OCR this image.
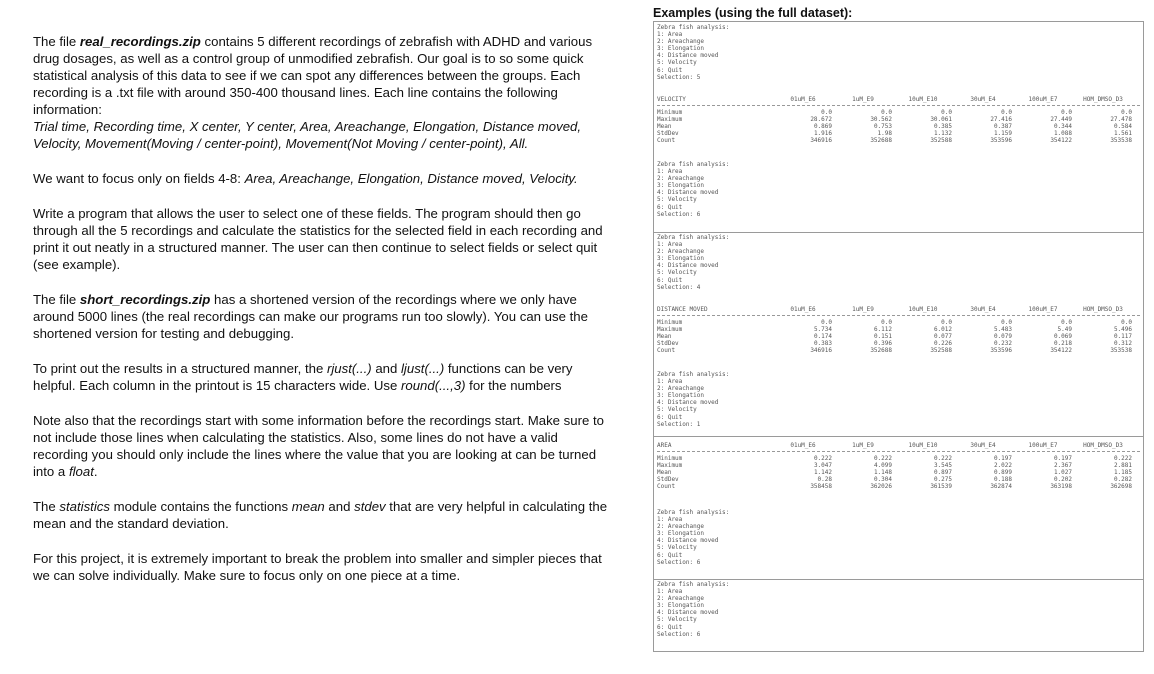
The file real_recordings.zip contains 5 different recordings of zebrafish with ADHD and various drug dosages, as well as a control group of unmodified zebrafish. Our goal is to so some quick statistical analysis of this data to see if we can spot any differences between the groups. Each recording is a .txt file with around 350-400 thousand lines. Each line contains the following information:
Trial time, Recording time, X center, Y center, Area, Areachange, Elongation, Distance moved, Velocity, Movement(Moving / center-point), Movement(Not Moving / center-point), All.

We want to focus only on fields 4-8: Area, Areachange, Elongation, Distance moved, Velocity.

Write a program that allows the user to select one of these fields. The program should then go through all the 5 recordings and calculate the statistics for the selected field in each recording and print it out neatly in a structured manner. The user can then continue to select fields or select quit (see example).

The file short_recordings.zip has a shortened version of the recordings where we only have around 5000 lines (the real recordings can make our programs run too slowly). You can use the shortened version for testing and debugging.

To print out the results in a structured manner, the rjust(...) and ljust(...) functions can be very helpful. Each column in the printout is 15 characters wide. Use round(...,3) for the numbers

Note also that the recordings start with some information before the recordings start. Make sure to not include those lines when calculating the statistics. Also, some lines do not have a valid recording you should only include the lines where the value that you are looking at can be turned into a float.

The statistics module contains the functions mean and stdev that are very helpful in calculating the mean and the standard deviation.

For this project, it is extremely important to break the problem into smaller and simpler pieces that we can solve individually. Make sure to focus only on one piece at a time.

Examples (using the full dataset):
Zebra fish analysis:
1: Area
2: Areachange
3: Elongation
4: Distance moved
5: Velocity
6: Quit
Selection: 5
VELOCITY	01uM_E6	1uM_E9	10uM_E10	30uM_E4	100uM_E7	HOM_DMSO_D3
Minimum	0.0	0.0	0.0	0.0	0.0	0.0
Maximum	28.672	30.562	30.061	27.416	27.449	27.478
Mean	0.869	0.753	0.385	0.387	0.344	0.584
StdDev	1.916	1.98	1.132	1.159	1.088	1.561
Count	346916	352688	352588	353596	354122	353538
Zebra fish analysis:
1: Area
2: Areachange
3: Elongation
4: Distance moved
5: Velocity
6: Quit
Selection: 6
Zebra fish analysis:
1: Area
2: Areachange
3: Elongation
4: Distance moved
5: Velocity
6: Quit
Selection: 4
DISTANCE MOVED	01uM_E6	1uM_E9	10uM_E10	30uM_E4	100uM_E7	HOM_DMSO_D3
Minimum	0.0	0.0	0.0	0.0	0.0	0.0
Maximum	5.734	6.112	6.012	5.483	5.49	5.496
Mean	0.174	0.151	0.077	0.079	0.069	0.117
StdDev	0.383	0.396	0.226	0.232	0.218	0.312
Count	346916	352688	352588	353596	354122	353538
Zebra fish analysis:
1: Area
2: Areachange
3: Elongation
4: Distance moved
5: Velocity
6: Quit
Selection: 1
AREA	01uM_E6	1uM_E9	10uM_E10	30uM_E4	100uM_E7	HOM_DMSO_D3
Minimum	0.222	0.222	0.222	0.197	0.197	0.222
Maximum	3.047	4.099	3.545	2.022	2.367	2.881
Mean	1.142	1.148	0.897	0.899	1.027	1.185
StdDev	0.28	0.304	0.275	0.188	0.202	0.282
Count	358458	362026	361539	362874	363198	362698
Zebra fish analysis:
1: Area
2: Areachange
3: Elongation
4: Distance moved
5: Velocity
6: Quit
Selection: 6
Zebra fish analysis:
1: Area
2: Areachange
3: Elongation
4: Distance moved
5: Velocity
6: Quit
Selection: 6
